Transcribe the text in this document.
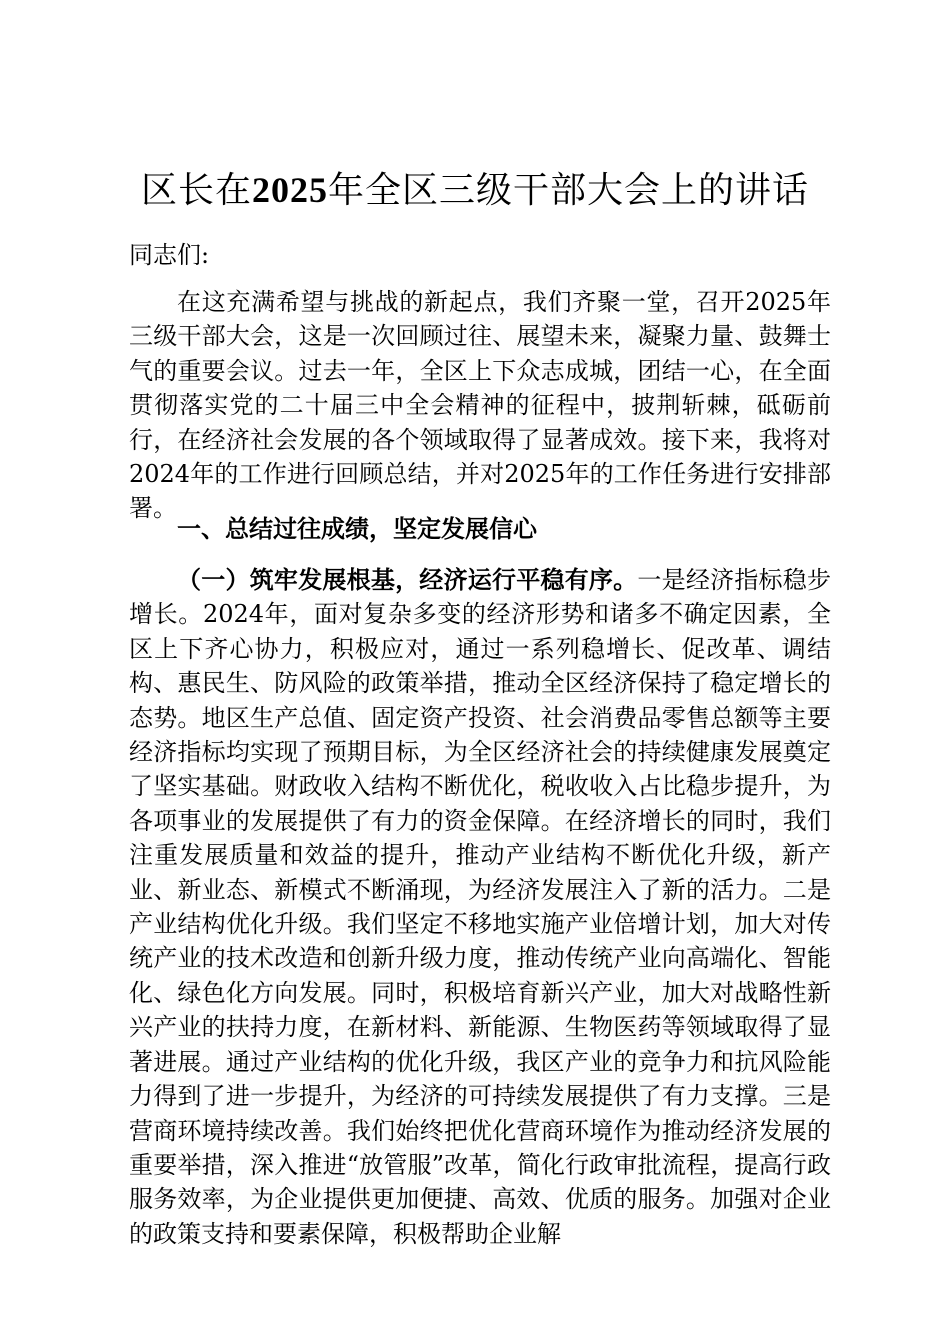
区长在2025年全区三级干部大会上的讲话
同志们:

在这充满希望与挑战的新起点，我们齐聚一堂，召开2025年三级干部大会，这是一次回顾过往、展望未来，凝聚力量、鼓舞士气的重要会议。过去一年，全区上下众志成城，团结一心，在全面贯彻落实党的二十届三中全会精神的征程中，披荆斩棘，砥砺前行，在经济社会发展的各个领域取得了显著成效。接下来，我将对2024年的工作进行回顾总结，并对2025年的工作任务进行安排部署。

一、总结过往成绩，坚定发展信心

（一）筑牢发展根基，经济运行平稳有序。一是经济指标稳步增长。2024年，面对复杂多变的经济形势和诸多不确定因素，全区上下齐心协力，积极应对，通过一系列稳增长、促改革、调结构、惠民生、防风险的政策举措，推动全区经济保持了稳定增长的态势。地区生产总值、固定资产投资、社会消费品零售总额等主要经济指标均实现了预期目标，为全区经济社会的持续健康发展奠定了坚实基础。财政收入结构不断优化，税收收入占比稳步提升，为各项事业的发展提供了有力的资金保障。在经济增长的同时，我们注重发展质量和效益的提升，推动产业结构不断优化升级，新产业、新业态、新模式不断涌现，为经济发展注入了新的活力。二是产业结构优化升级。我们坚定不移地实施产业倍增计划，加大对传统产业的技术改造和创新升级力度，推动传统产业向高端化、智能化、绿色化方向发展。同时，积极培育新兴产业，加大对战略性新兴产业的扶持力度，在新材料、新能源、生物医药等领域取得了显著进展。通过产业结构的优化升级，我区产业的竞争力和抗风险能力得到了进一步提升，为经济的可持续发展提供了有力支撑。三是营商环境持续改善。我们始终把优化营商环境作为推动经济发展的重要举措，深入推进“放管服”改革，简化行政审批流程，提高行政服务效率，为企业提供更加便捷、高效、优质的服务。加强对企业的政策支持和要素保障，积极帮助企业解
